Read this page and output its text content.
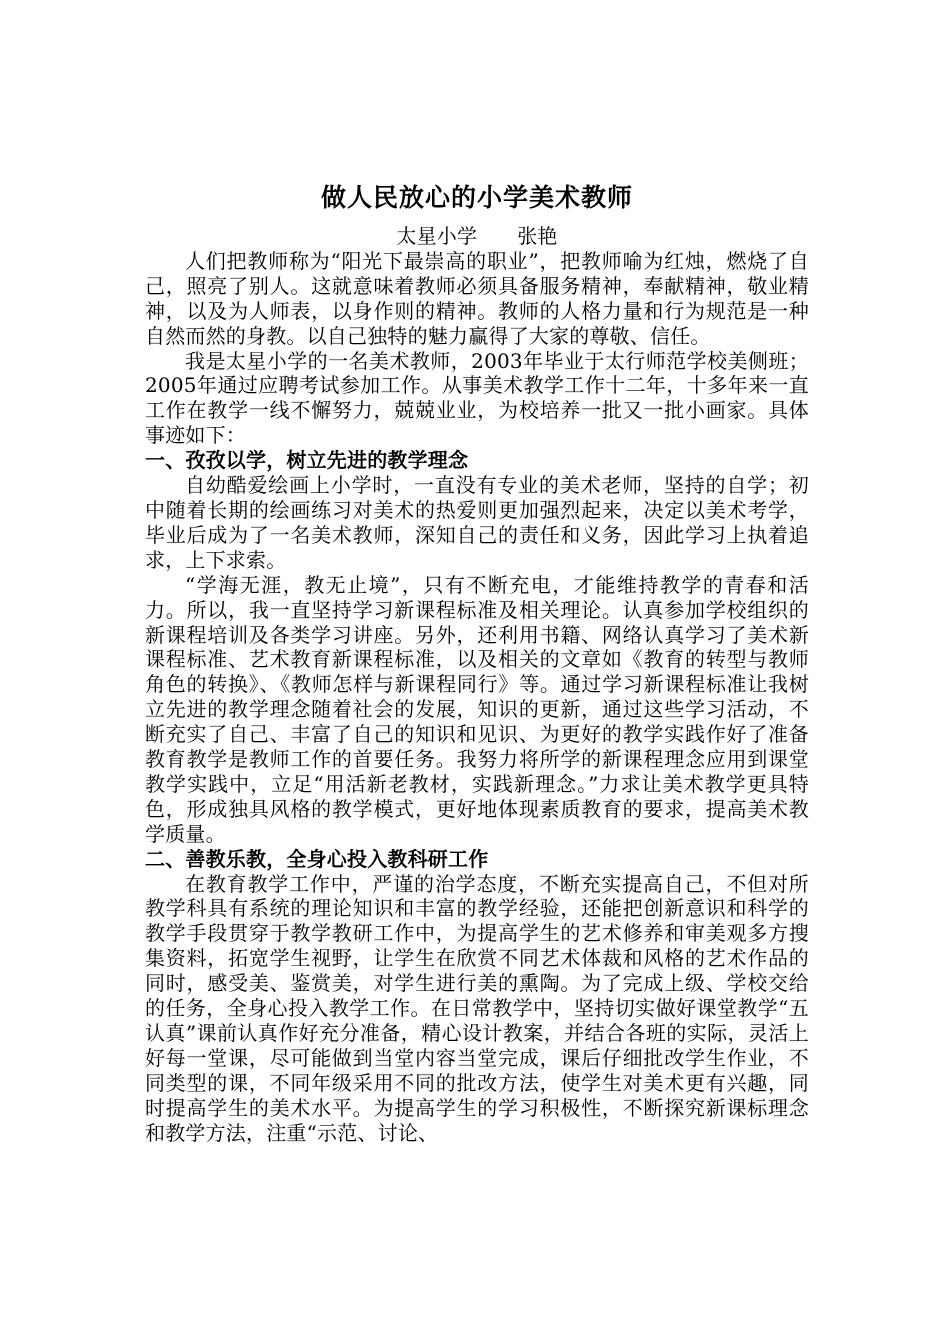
做人民放心的小学美术教师

太星小学 张艳

人们把教师称为“阳光下最崇高的职业”，把教师喻为红烛，燃烧了自己，照亮了别人。这就意味着教师必须具备服务精神，奉献精神，敬业精神，以及为人师表，以身作则的精神。教师的人格力量和行为规范是一种自然而然的身教。以自己独特的魅力赢得了大家的尊敬、信任。

我是太星小学的一名美术教师，2003年毕业于太行师范学校美侧班；2005年通过应聘考试参加工作。从事美术教学工作十二年，十多年来一直工作在教学一线不懈努力，兢兢业业，为校培养一批又一批小画家。具体事迹如下：

一、孜孜以学，树立先进的教学理念

自幼酷爱绘画上小学时，一直没有专业的美术老师，坚持的自学；初中随着长期的绘画练习对美术的热爱则更加强烈起来，决定以美术考学，毕业后成为了一名美术教师，深知自己的责任和义务，因此学习上执着追求，上下求索。

“学海无涯，教无止境”，只有不断充电，才能维持教学的青春和活力。所以，我一直坚持学习新课程标准及相关理论。认真参加学校组织的新课程培训及各类学习讲座。另外，还利用书籍、网络认真学习了美术新课程标准、艺术教育新课程标准，以及相关的文章如《教育的转型与教师角色的转换》、《教师怎样与新课程同行》等。通过学习新课程标准让我树立先进的教学理念随着社会的发展，知识的更新，通过这些学习活动，不断充实了自己、丰富了自己的知识和见识、为更好的教学实践作好了准备教育教学是教师工作的首要任务。我努力将所学的新课程理念应用到课堂教学实践中，立足“用活新老教材，实践新理念。”力求让美术教学更具特色，形成独具风格的教学模式，更好地体现素质教育的要求，提高美术教学质量。

二、善教乐教，全身心投入教科研工作

在教育教学工作中，严谨的治学态度，不断充实提高自己，不但对所教学科具有系统的理论知识和丰富的教学经验，还能把创新意识和科学的教学手段贯穿于教学教研工作中，为提高学生的艺术修养和审美观多方搜集资料，拓宽学生视野，让学生在欣赏不同艺术体裁和风格的艺术作品的同时，感受美、鉴赏美，对学生进行美的熏陶。为了完成上级、学校交给的任务，全身心投入教学工作。在日常教学中，坚持切实做好课堂教学“五认真”课前认真作好充分准备，精心设计教案，并结合各班的实际，灵活上好每一堂课，尽可能做到当堂内容当堂完成，课后仔细批改学生作业，不同类型的课，不同年级采用不同的批改方法，使学生对美术更有兴趣，同时提高学生的美术水平。为提高学生的学习积极性，不断探究新课标理念和教学方法，注重“示范、讨论、
